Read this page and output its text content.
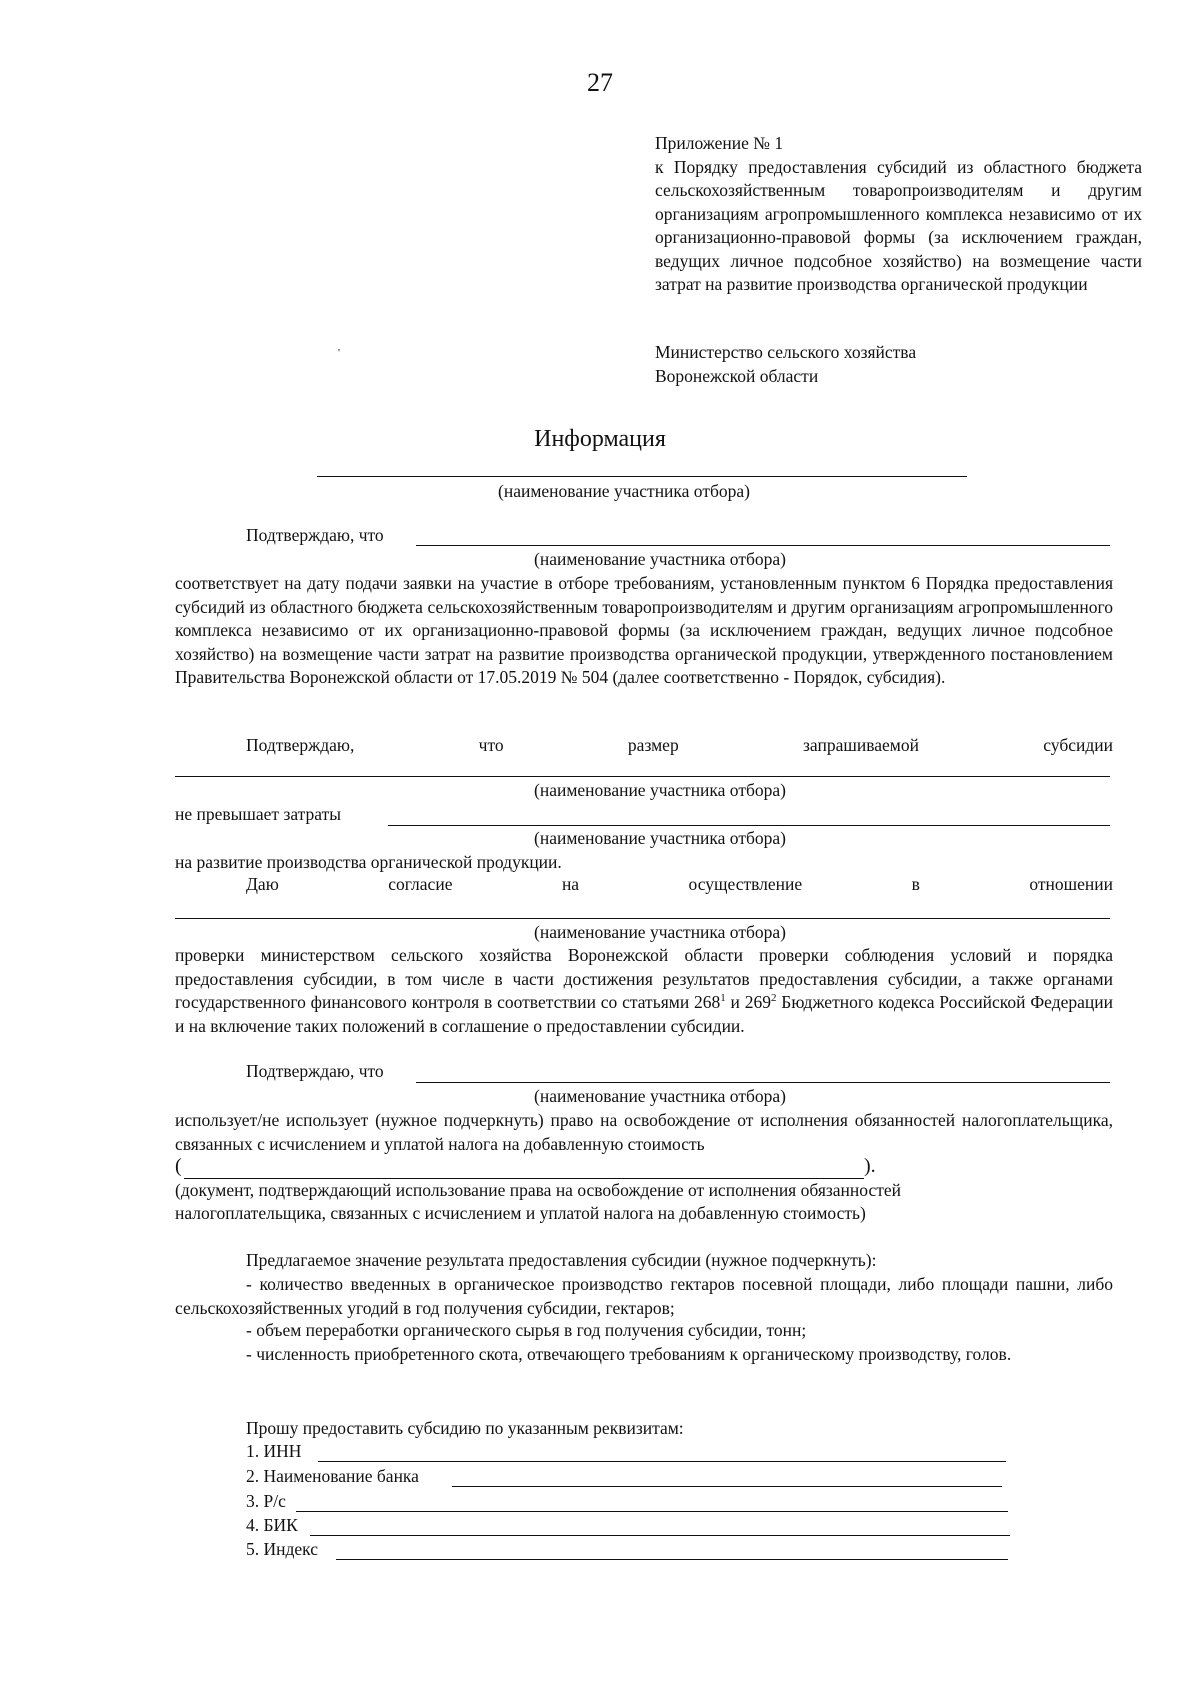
27
Приложение № 1
к Порядку предоставления субсидий из областного бюджета сельскохозяйственным товаропроизводителям и другим организациям агропромышленного комплекса независимо от их организационно-правовой формы (за исключением граждан, ведущих личное подсобное хозяйство) на возмещение части затрат на развитие производства органической продукции
'	Министерство сельского хозяйства
Воронежской области
Информация
(наименование участника отбора)
Подтверждаю, что
(наименование участника отбора)
соответствует на дату подачи заявки на участие в отборе требованиям, установленным пунктом 6 Порядка предоставления субсидий из областного бюджета сельскохозяйственным товаропроизводителям и другим организациям агропромышленного комплекса независимо от их организационно-правовой формы (за исключением граждан, ведущих личное подсобное хозяйство) на возмещение части затрат на развитие производства органической продукции, утвержденного постановлением Правительства Воронежской области от 17.05.2019 № 504 (далее соответственно - Порядок, субсидия).
Подтверждаю,	что	размер	запрашиваемой	субсидии
(наименование участника отбора)
не превышает затраты
(наименование участника отбора)
на развитие производства органической продукции.
Даю	согласие	на	осуществление	в	отношении
(наименование участника отбора)
проверки министерством сельского хозяйства Воронежской области проверки соблюдения условий и порядка предоставления субсидии, в том числе в части достижения результатов предоставления субсидии, а также органами государственного финансового контроля в соответствии со статьями $268^1$ и $269^2$ Бюджетного кодекса Российской Федерации и на включение таких положений в соглашение о предоставлении субсидии.
Подтверждаю, что
(наименование участника отбора)
использует/не использует (нужное подчеркнуть) право на освобождение от исполнения обязанностей налогоплательщика, связанных с исчислением и уплатой налога на добавленную стоимость
(	).
(документ, подтверждающий использование права на освобождение от исполнения обязанностей
налогоплательщика, связанных с исчислением и уплатой налога на добавленную стоимость)
Предлагаемое значение результата предоставления субсидии (нужное подчеркнуть):
- количество введенных в органическое производство гектаров посевной площади, либо площади пашни, либо сельскохозяйственных угодий в год получения субсидии, гектаров;
- объем переработки органического сырья в год получения субсидии, тонн;
- численность приобретенного скота, отвечающего требованиям к органическому производству, голов.
Прошу предоставить субсидию по указанным реквизитам:
1. ИНН
2. Наименование банка
3. Р/с
4. БИК
5. Индекс
